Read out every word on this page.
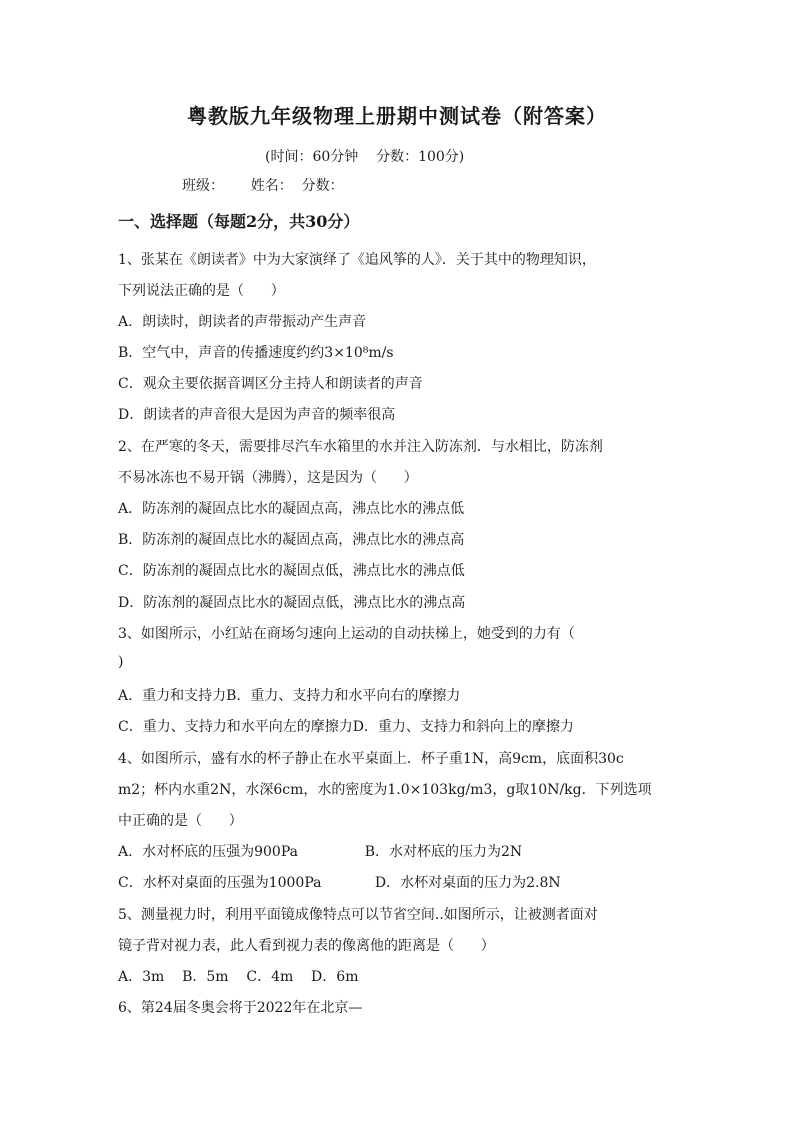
粤教版九年级物理上册期中测试卷（附答案）
(时间：60分钟    分数：100分)
班级：      姓名：  分数：
一、选择题（每题2分，共30分）
1、张某在《朗读者》中为大家演绎了《追风筝的人》．关于其中的物理知识，
下列说法正确的是（      ）
A．朗读时，朗读者的声带振动产生声音
B．空气中，声音的传播速度约约3×10⁸m/s
C．观众主要依据音调区分主持人和朗读者的声音
D．朗读者的声音很大是因为声音的频率很高
2、在严寒的冬天，需要排尽汽车水箱里的水并注入防冻剂．与水相比，防冻剂
不易冰冻也不易开锅（沸腾），这是因为（      ）
A．防冻剂的凝固点比水的凝固点高，沸点比水的沸点低
B．防冻剂的凝固点比水的凝固点高，沸点比水的沸点高
C．防冻剂的凝固点比水的凝固点低，沸点比水的沸点低
D．防冻剂的凝固点比水的凝固点低，沸点比水的沸点高
3、如图所示，小红站在商场匀速向上运动的自动扶梯上，她受到的力有（
)
A．重力和支持力B．重力、支持力和水平向右的摩擦力
C．重力、支持力和水平向左的摩擦力D．重力、支持力和斜向上的摩擦力
4、如图所示，盛有水的杯子静止在水平桌面上．杯子重1N，高9cm，底面积30c
m2；杯内水重2N，水深6cm，水的密度为1.0×103kg/m3，g取10N/kg．下列选项
中正确的是（      ）
A．水对杯底的压强为900Pa               B．水对杯底的压力为2N
C．水杯对桌面的压强为1000Pa            D．水杯对桌面的压力为2.8N
5、测量视力时，利用平面镜成像特点可以节省空间..如图所示，让被测者面对
镜子背对视力表，此人看到视力表的像离他的距离是（      ）
A．3m    B．5m    C．4m    D．6m
6、第24届冬奥会将于2022年在北京—
